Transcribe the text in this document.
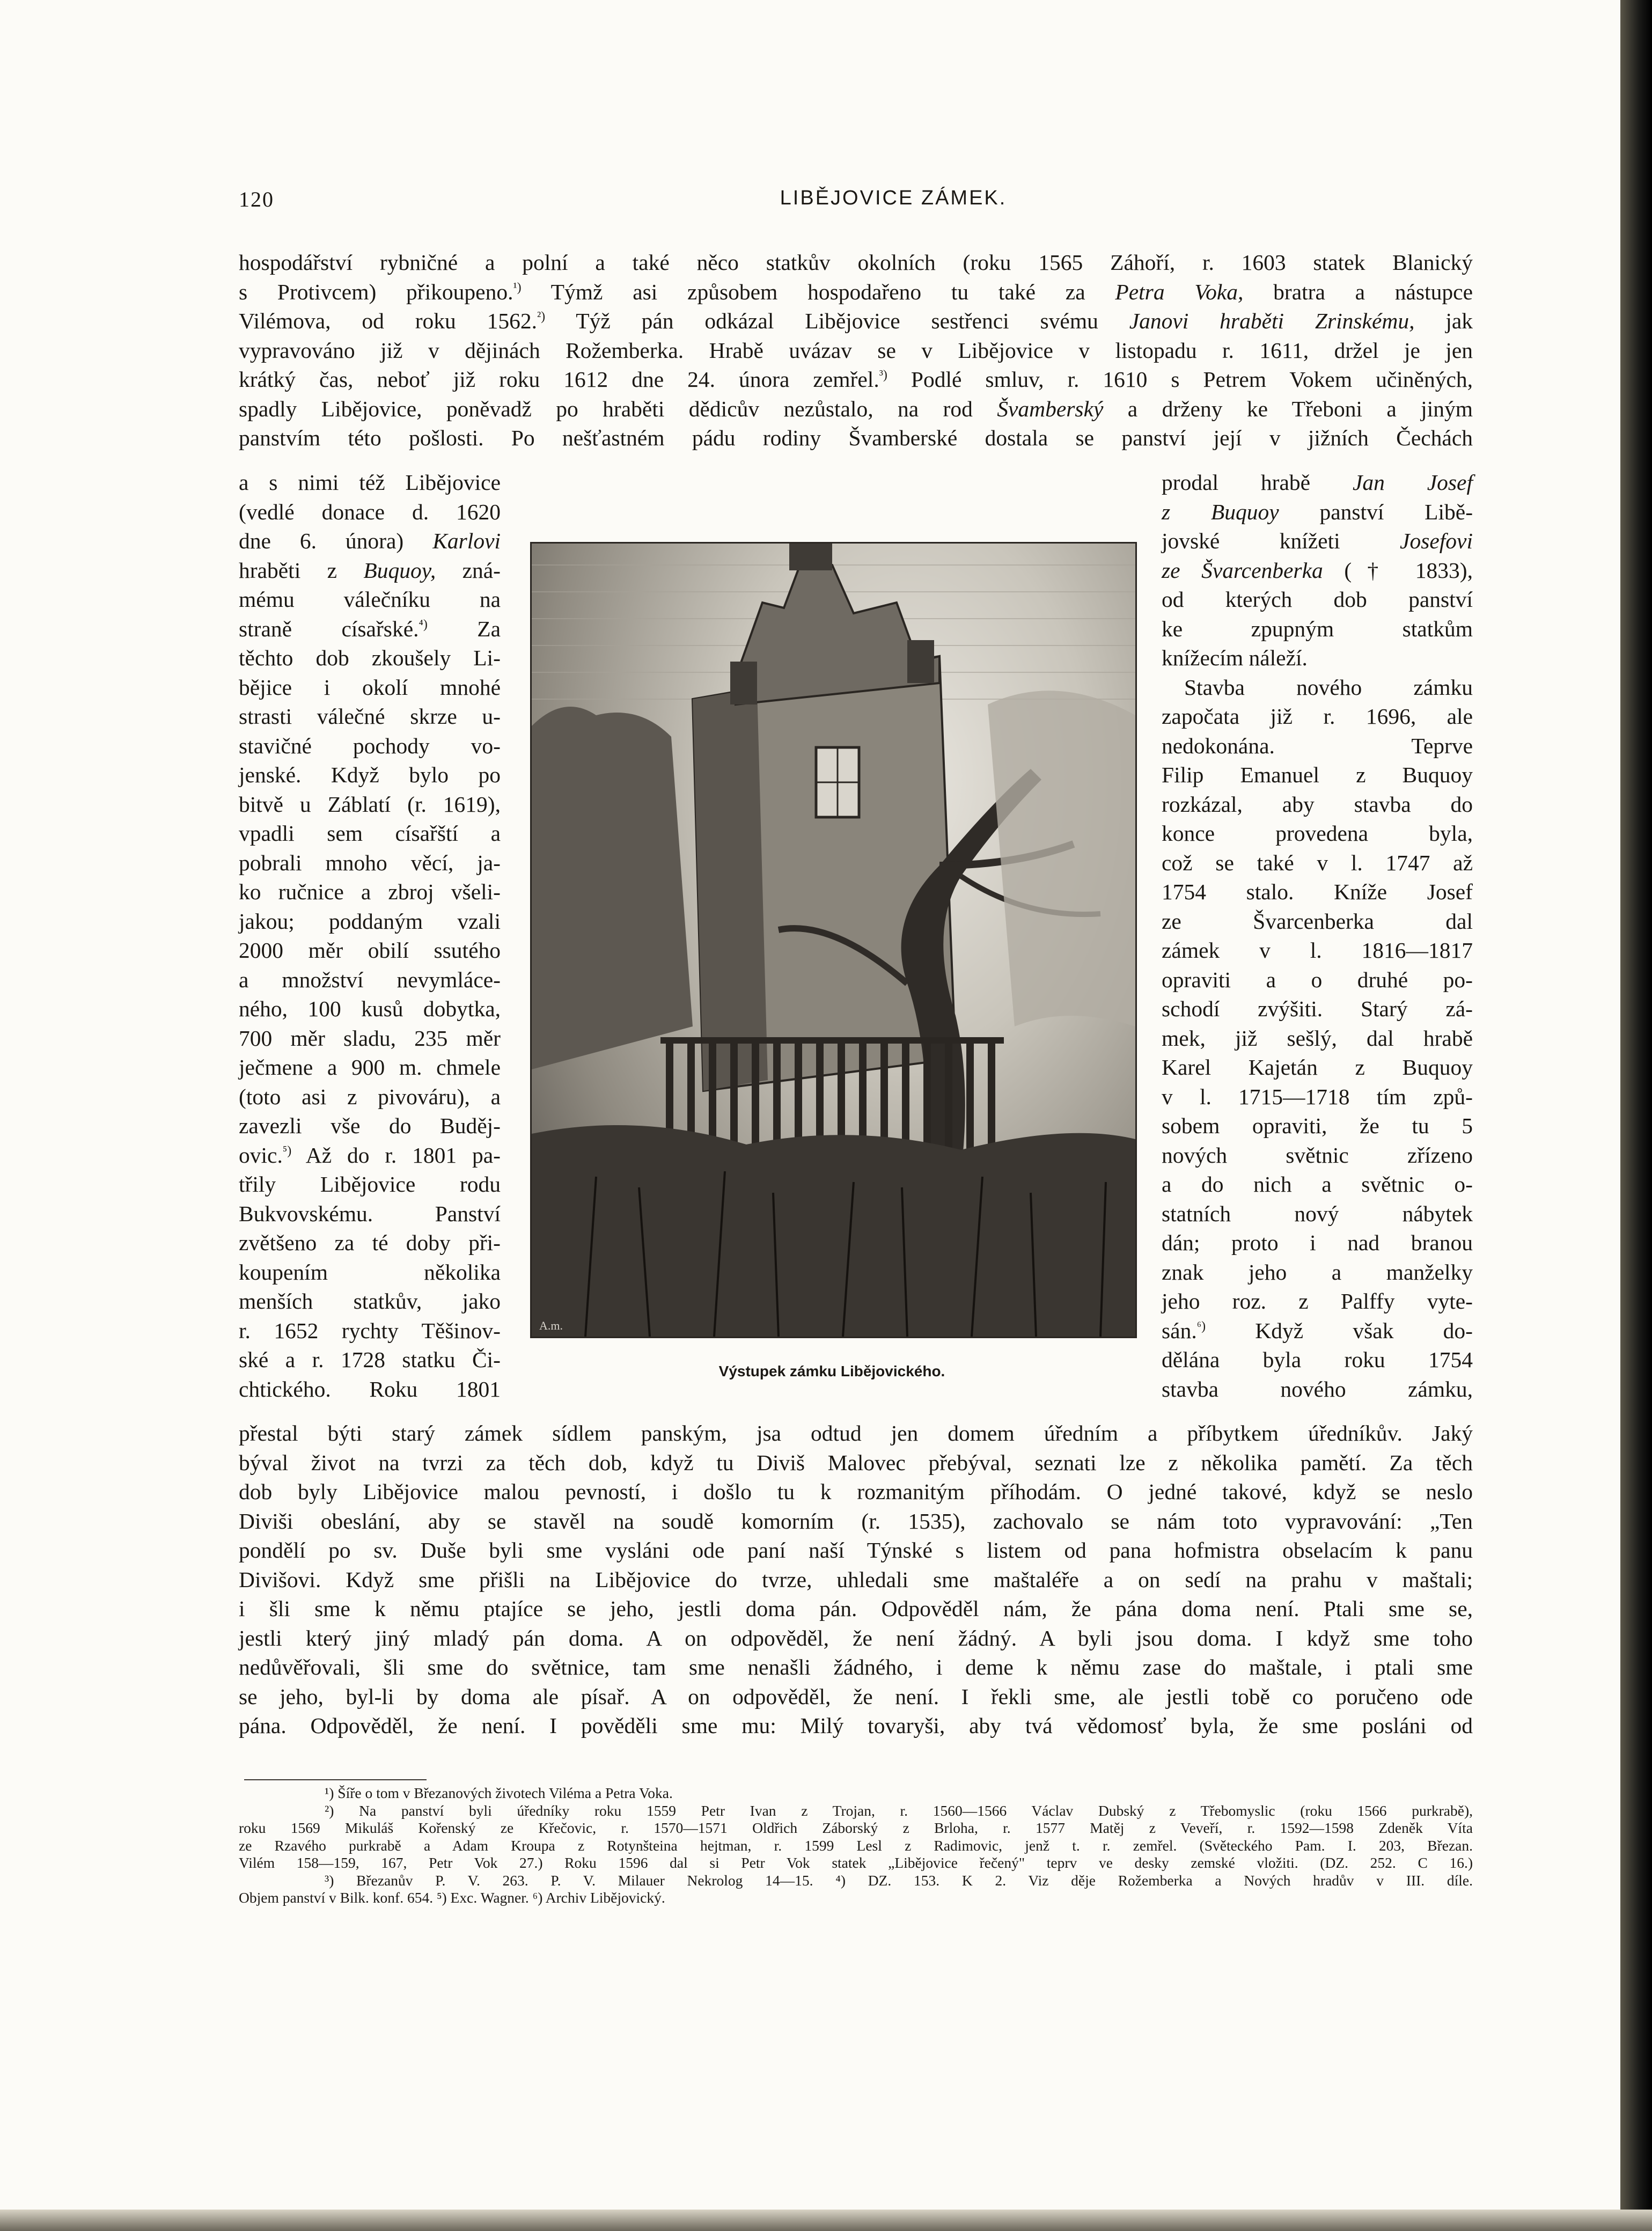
120	LIBĚJOVICE ZÁMEK.
hospodářství rybničné a polní a také něco statkův okolních (roku 1565 Záhoří, r. 1603 statek Blanický
s Protivcem) přikoupeno.$^{^1)}$ Týmž asi způsobem hospodařeno tu také za Petra Voka, bratra a nástupce
Vilémova, od roku 1562.$^{^2)}$ Týž pán odkázal Libějovice sestřenci svému Janovi hraběti Zrinskému, jak
vypravováno již v dějinách Rožemberka. Hrabě uvázav se v Libějovice v listopadu r. 1611, držel je jen
krátký čas, neboť již roku 1612 dne 24. února zemřel.$^{^3)}$ Podlé smluv, r. 1610 s Petrem Vokem učiněných,
spadly Libějovice, poněvadž po hraběti dědicův nezůstalo, na rod Švamberský a drženy ke Třeboni a jiným
panstvím této pošlosti. Po nešťastném pádu rodiny Švamberské dostala se panství její v jižních Čechách
a s nimi též Libějovice
(vedlé donace d. 1620
dne 6. února) Karlovi
hraběti z Buquoy, zná-
mému válečníku na
straně císařské.$^{^4)}$ Za
těchto dob zkoušely Li-
bějice i okolí mnohé
strasti válečné skrze u-
stavičné pochody vo-
jenské. Když bylo po
bitvě u Záblatí (r. 1619),
vpadli sem císařští a
pobrali mnoho věcí, ja-
ko ručnice a zbroj všeli-
jakou; poddaným vzali
2000 měr obilí ssutého
a množství nevymláce-
ného, 100 kusů dobytka,
700 měr sladu, 235 měr
ječmene a 900 m. chmele
(toto asi z pivováru), a
zavezli vše do Buděj-
ovic.$^{^5)}$ Až do r. 1801 pa-
třily Libějovice rodu
Bukvovskému. Panství
zvětšeno za té doby při-
koupením několika
menších statkův, jako
r. 1652 rychty Těšinov-
ské a r. 1728 statku Či-
chtického. Roku 1801
prodal hrabě Jan Josef
z Buquoy panství Libě-
jovské knížeti	Josefovi
ze Švarcenberka († 1833),
od kterých dob panství
ke zpupným statkům
knížecím náleží.
Stavba nového zámku
započata již r. 1696, ale
nedokonána. Teprve
Filip Emanuel z Buquoy
rozkázal, aby stavba do
konce provedena byla,
což se také v l. 1747 až
1754 stalo. Kníže Josef
ze Švarcenberka dal
zámek v l. 1816—1817
opraviti a o druhé po-
schodí zvýšiti. Starý zá-
mek, již sešlý, dal hrabě
Karel Kajetán z Buquoy
v l. 1715—1718 tím způ-
sobem opraviti, že tu 5
nových světnic zřízeno
a do nich a světnic o-
statních nový nábytek
dán; proto i nad branou
znak jeho a manželky
jeho roz. z Palffy vyte-
sán.$^{^6)}$ Když však do-
dělána byla roku 1754
stavba nového zámku,
A.m.
Výstupek zámku Libějovického.
přestal býti starý zámek sídlem panským, jsa odtud jen domem úředním a příbytkem úředníkův. Jaký
býval život na tvrzi za těch dob, když tu Diviš Malovec přebýval, seznati lze z několika pamětí. Za těch
dob byly Libějovice malou pevností, i došlo tu k rozmanitým příhodám. O jedné takové, když se neslo
Diviši obeslání, aby se stavěl na soudě komorním (r. 1535), zachovalo se nám toto vypravování: „Ten
pondělí po sv. Duše byli sme vysláni ode paní naší Týnské s listem od pana hofmistra obselacím k panu
Divišovi. Když sme přišli na Libějovice do tvrze, uhledali sme maštaléře a on sedí na prahu v maštali;
i šli sme k němu ptajíce se jeho, jestli doma pán. Odpověděl nám, že pána doma není. Ptali sme se,
jestli který jiný mladý pán doma. A on odpověděl, že není žádný. A byli jsou doma. I když sme toho
nedůvěřovali, šli sme do světnice, tam sme nenašli žádného, i deme k němu zase do maštale, i ptali sme
se jeho, byl-li by doma ale písař. A on odpověděl, že není. I řekli sme, ale jestli tobě co poručeno ode
pána. Odpověděl, že není. I pověděli sme mu: Milý tovaryši, aby tvá vědomosť byla, že sme posláni od

¹) Šíře o tom v Březanových životech Viléma a Petra Voka.

²) Na panství byli úředníky roku 1559 Petr Ivan z Trojan, r. 1560—1566 Václav Dubský z Třebomyslic (roku 1566 purkrabě),

roku 1569 Mikuláš Kořenský ze Křečovic, r. 1570—1571 Oldřich Záborský z Brloha, r. 1577 Matěj z Veveří, r. 1592—1598 Zdeněk Víta

ze Rzavého purkrabě a Adam Kroupa z Rotynšteina hejtman, r. 1599 Lesl z Radimovic, jenž t. r. zemřel. (Světeckého Pam. I. 203, Březan.

Vilém 158—159, 167, Petr Vok 27.) Roku 1596 dal si Petr Vok statek „Libějovice řečený" teprv ve desky zemské vložiti. (DZ. 252. C 16.)

³) Březanův P. V. 263. P. V. Milauer Nekrolog 14—15. ⁴) DZ. 153. K 2. Viz děje Rožemberka a Nových hradův v III. díle.

Objem panství v Bilk. konf. 654. ⁵) Exc. Wagner. ⁶) Archiv Libějovický.
